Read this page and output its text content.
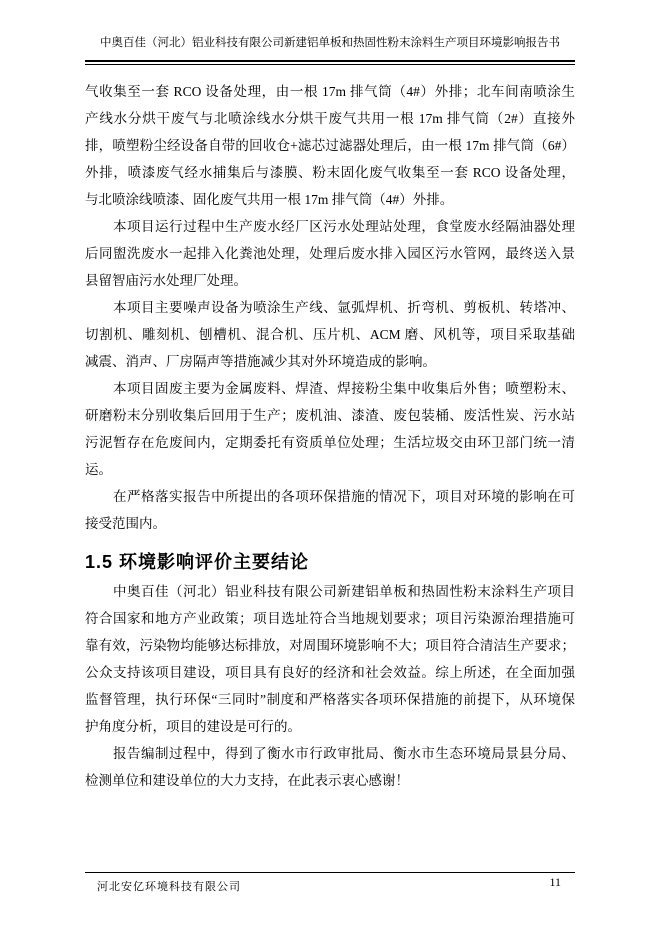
中奥百佳（河北）铝业科技有限公司新建铝单板和热固性粉末涂料生产项目环境影响报告书
气收集至一套 RCO 设备处理，由一根 17m 排气筒（4#）外排；北车间南喷涂生
产线水分烘干废气与北喷涂线水分烘干废气共用一根 17m 排气筒（2#）直接外
排，喷塑粉尘经设备自带的回收仓+滤芯过滤器处理后，由一根 17m 排气筒（6#）
外排，喷漆废气经水捕集后与漆膜、粉末固化废气收集至一套 RCO 设备处理，
与北喷涂线喷漆、固化废气共用一根 17m 排气筒（4#）外排。
本项目运行过程中生产废水经厂区污水处理站处理，食堂废水经隔油器处理
后同盥洗废水一起排入化粪池处理，处理后废水排入园区污水管网，最终送入景
县留智庙污水处理厂处理。
本项目主要噪声设备为喷涂生产线、氩弧焊机、折弯机、剪板机、转塔冲、
切割机、雕刻机、刨槽机、混合机、压片机、ACM 磨、风机等，项目采取基础
减震、消声、厂房隔声等措施减少其对外环境造成的影响。
本项目固废主要为金属废料、焊渣、焊接粉尘集中收集后外售；喷塑粉末、
研磨粉末分别收集后回用于生产；废机油、漆渣、废包装桶、废活性炭、污水站
污泥暂存在危废间内，定期委托有资质单位处理；生活垃圾交由环卫部门统一清
运。
在严格落实报告中所提出的各项环保措施的情况下，项目对环境的影响在可
接受范围内。
1.5 环境影响评价主要结论
中奥百佳（河北）铝业科技有限公司新建铝单板和热固性粉末涂料生产项目
符合国家和地方产业政策；项目选址符合当地规划要求；项目污染源治理措施可
靠有效，污染物均能够达标排放，对周围环境影响不大；项目符合清洁生产要求；
公众支持该项目建设，项目具有良好的经济和社会效益。综上所述，在全面加强
监督管理，执行环保“三同时”制度和严格落实各项环保措施的前提下，从环境保
护角度分析，项目的建设是可行的。
报告编制过程中，得到了衡水市行政审批局、衡水市生态环境局景县分局、
检测单位和建设单位的大力支持，在此表示衷心感谢！
河北安亿环境科技有限公司	11
